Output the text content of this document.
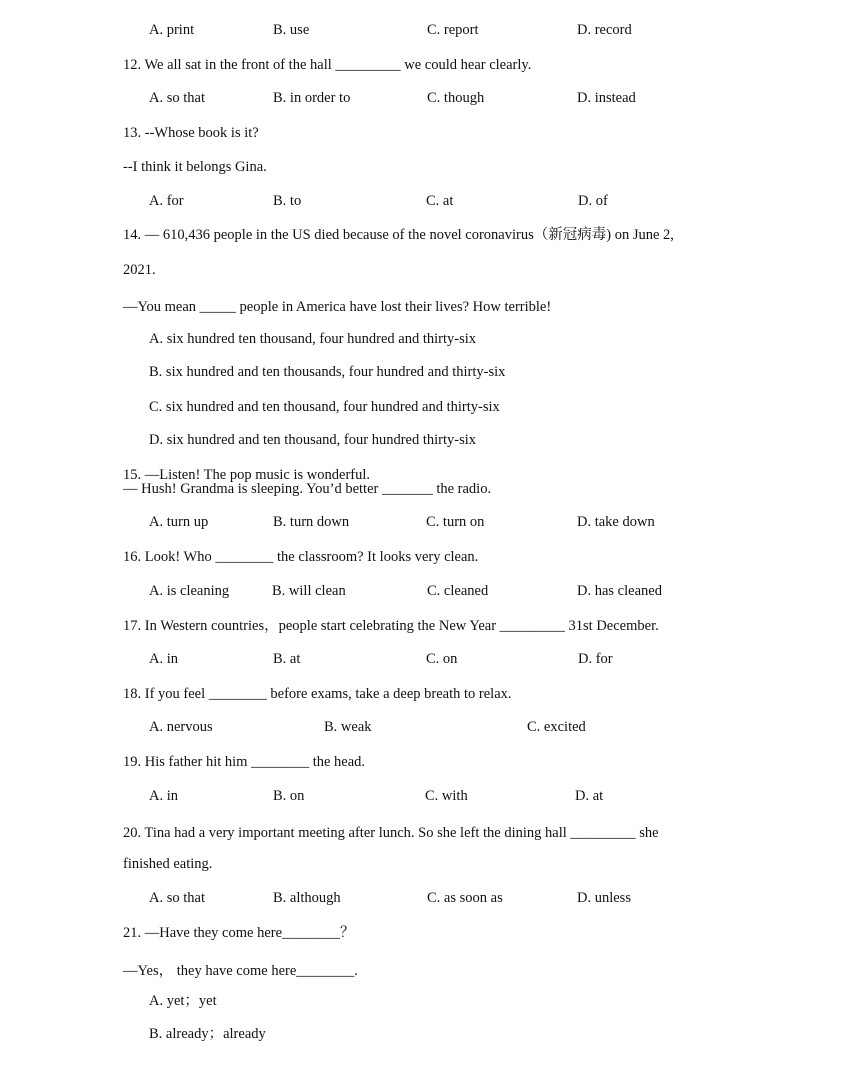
A. print	B. use	C. report	D. record
12. We all sat in the front of the hall _________ we could hear clearly.
A. so that	B. in order to	C. though	D. instead
13. --Whose book is it?
--I think it belongs Gina.
A. for	B. to	C. at	D. of
14. — 610,436 people in the US died because of the novel coronavirus（新冠病毒) on June 2,
2021.
—You mean _____ people in America have lost their lives? How terrible!
A. six hundred ten thousand, four hundred and thirty-six
B. six hundred and ten thousands, four hundred and thirty-six
C. six hundred and ten thousand, four hundred and thirty-six
D. six hundred and ten thousand, four hundred thirty-six
15. —Listen! The pop music is wonderful.
— Hush! Grandma is sleeping. You’d better _______ the radio.
A. turn up	B. turn down	C. turn on	D. take down
16. Look! Who ________ the classroom? It looks very clean.
A. is cleaning	B. will clean	C. cleaned	D. has cleaned
17. In Western countries，people start celebrating the New Year _________ 31st December.
A. in	B. at	C. on	D. for
18. If you feel ________ before exams, take a deep breath to relax.
A. nervous	B. weak	C. excited
19. His father hit him ________ the head.
A. in	B. on	C. with	D. at
20. Tina had a very important meeting after lunch. So she left the dining hall _________ she
finished eating.
A. so that	B. although	C. as soon as	D. unless
21. —Have they come here________？
—Yes， they have come here________.
A. yet；yet
B. already；already
